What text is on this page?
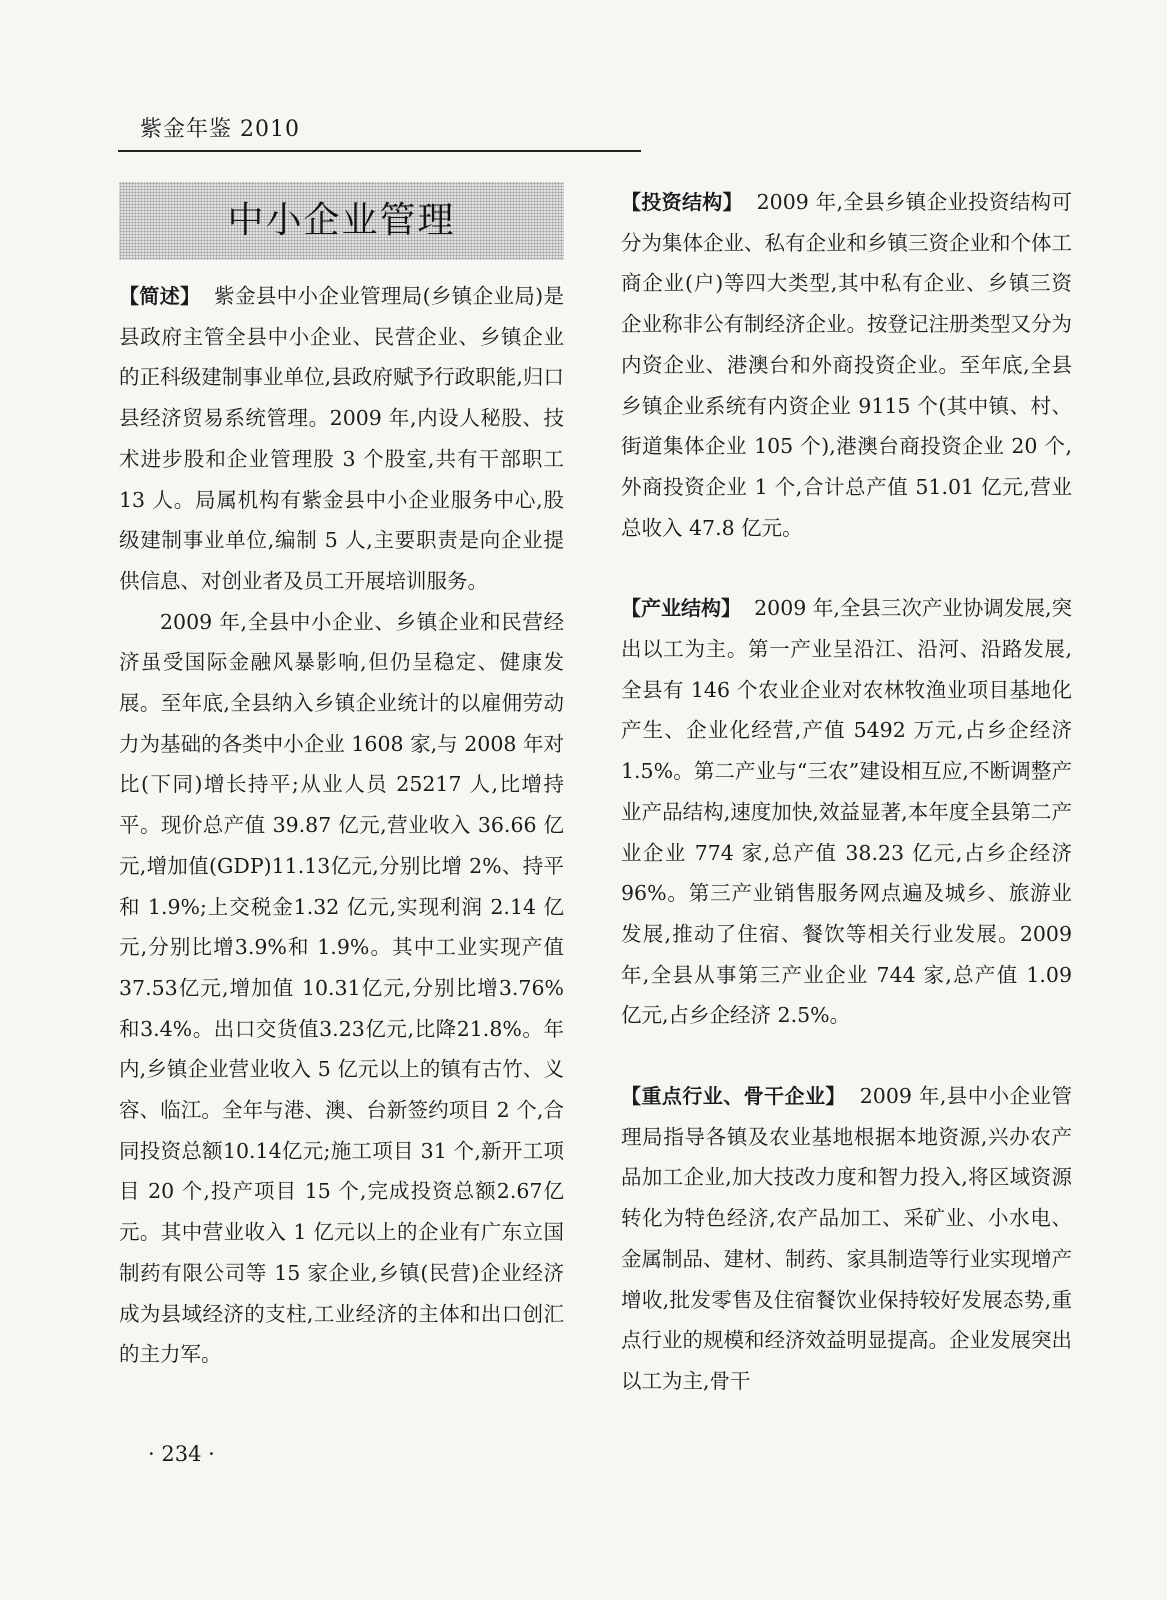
紫金年鉴 2010
中小企业管理

【简述】 紫金县中小企业管理局(乡镇企业局)是县政府主管全县中小企业、民营企业、乡镇企业的正科级建制事业单位,县政府赋予行政职能,归口县经济贸易系统管理。2009 年,内设人秘股、技术进步股和企业管理股 3 个股室,共有干部职工 13 人。局属机构有紫金县中小企业服务中心,股级建制事业单位,编制 5 人,主要职责是向企业提供信息、对创业者及员工开展培训服务。

2009 年,全县中小企业、乡镇企业和民营经济虽受国际金融风暴影响,但仍呈稳定、健康发展。至年底,全县纳入乡镇企业统计的以雇佣劳动力为基础的各类中小企业 1608 家,与 2008 年对比(下同)增长持平;从业人员 25217 人,比增持平。现价总产值 39.87 亿元,营业收入 36.66 亿元,增加值(GDP)11.13亿元,分别比增 2%、持平和 1.9%;上交税金1.32 亿元,实现利润 2.14 亿元,分别比增3.9%和 1.9%。其中工业实现产值37.53亿元,增加值 10.31亿元,分别比增3.76%和3.4%。出口交货值3.23亿元,比降21.8%。年内,乡镇企业营业收入 5 亿元以上的镇有古竹、义容、临江。全年与港、澳、台新签约项目 2 个,合同投资总额10.14亿元;施工项目 31 个,新开工项目 20 个,投产项目 15 个,完成投资总额2.67亿元。其中营业收入 1 亿元以上的企业有广东立国制药有限公司等 15 家企业,乡镇(民营)企业经济成为县域经济的支柱,工业经济的主体和出口创汇的主力军。

【投资结构】 2009 年,全县乡镇企业投资结构可分为集体企业、私有企业和乡镇三资企业和个体工商企业(户)等四大类型,其中私有企业、乡镇三资企业称非公有制经济企业。按登记注册类型又分为内资企业、港澳台和外商投资企业。至年底,全县乡镇企业系统有内资企业 9115 个(其中镇、村、街道集体企业 105 个),港澳台商投资企业 20 个,外商投资企业 1 个,合计总产值 51.01 亿元,营业总收入 47.8 亿元。

【产业结构】 2009 年,全县三次产业协调发展,突出以工为主。第一产业呈沿江、沿河、沿路发展,全县有 146 个农业企业对农林牧渔业项目基地化产生、企业化经营,产值 5492 万元,占乡企经济 1.5%。第二产业与“三农”建设相互应,不断调整产业产品结构,速度加快,效益显著,本年度全县第二产业企业 774 家,总产值 38.23 亿元,占乡企经济 96%。第三产业销售服务网点遍及城乡、旅游业发展,推动了住宿、餐饮等相关行业发展。2009 年,全县从事第三产业企业 744 家,总产值 1.09 亿元,占乡企经济 2.5%。

【重点行业、骨干企业】 2009 年,县中小企业管理局指导各镇及农业基地根据本地资源,兴办农产品加工企业,加大技改力度和智力投入,将区域资源转化为特色经济,农产品加工、采矿业、小水电、金属制品、建材、制药、家具制造等行业实现增产增收,批发零售及住宿餐饮业保持较好发展态势,重点行业的规模和经济效益明显提高。企业发展突出以工为主,骨干

· 234 ·
